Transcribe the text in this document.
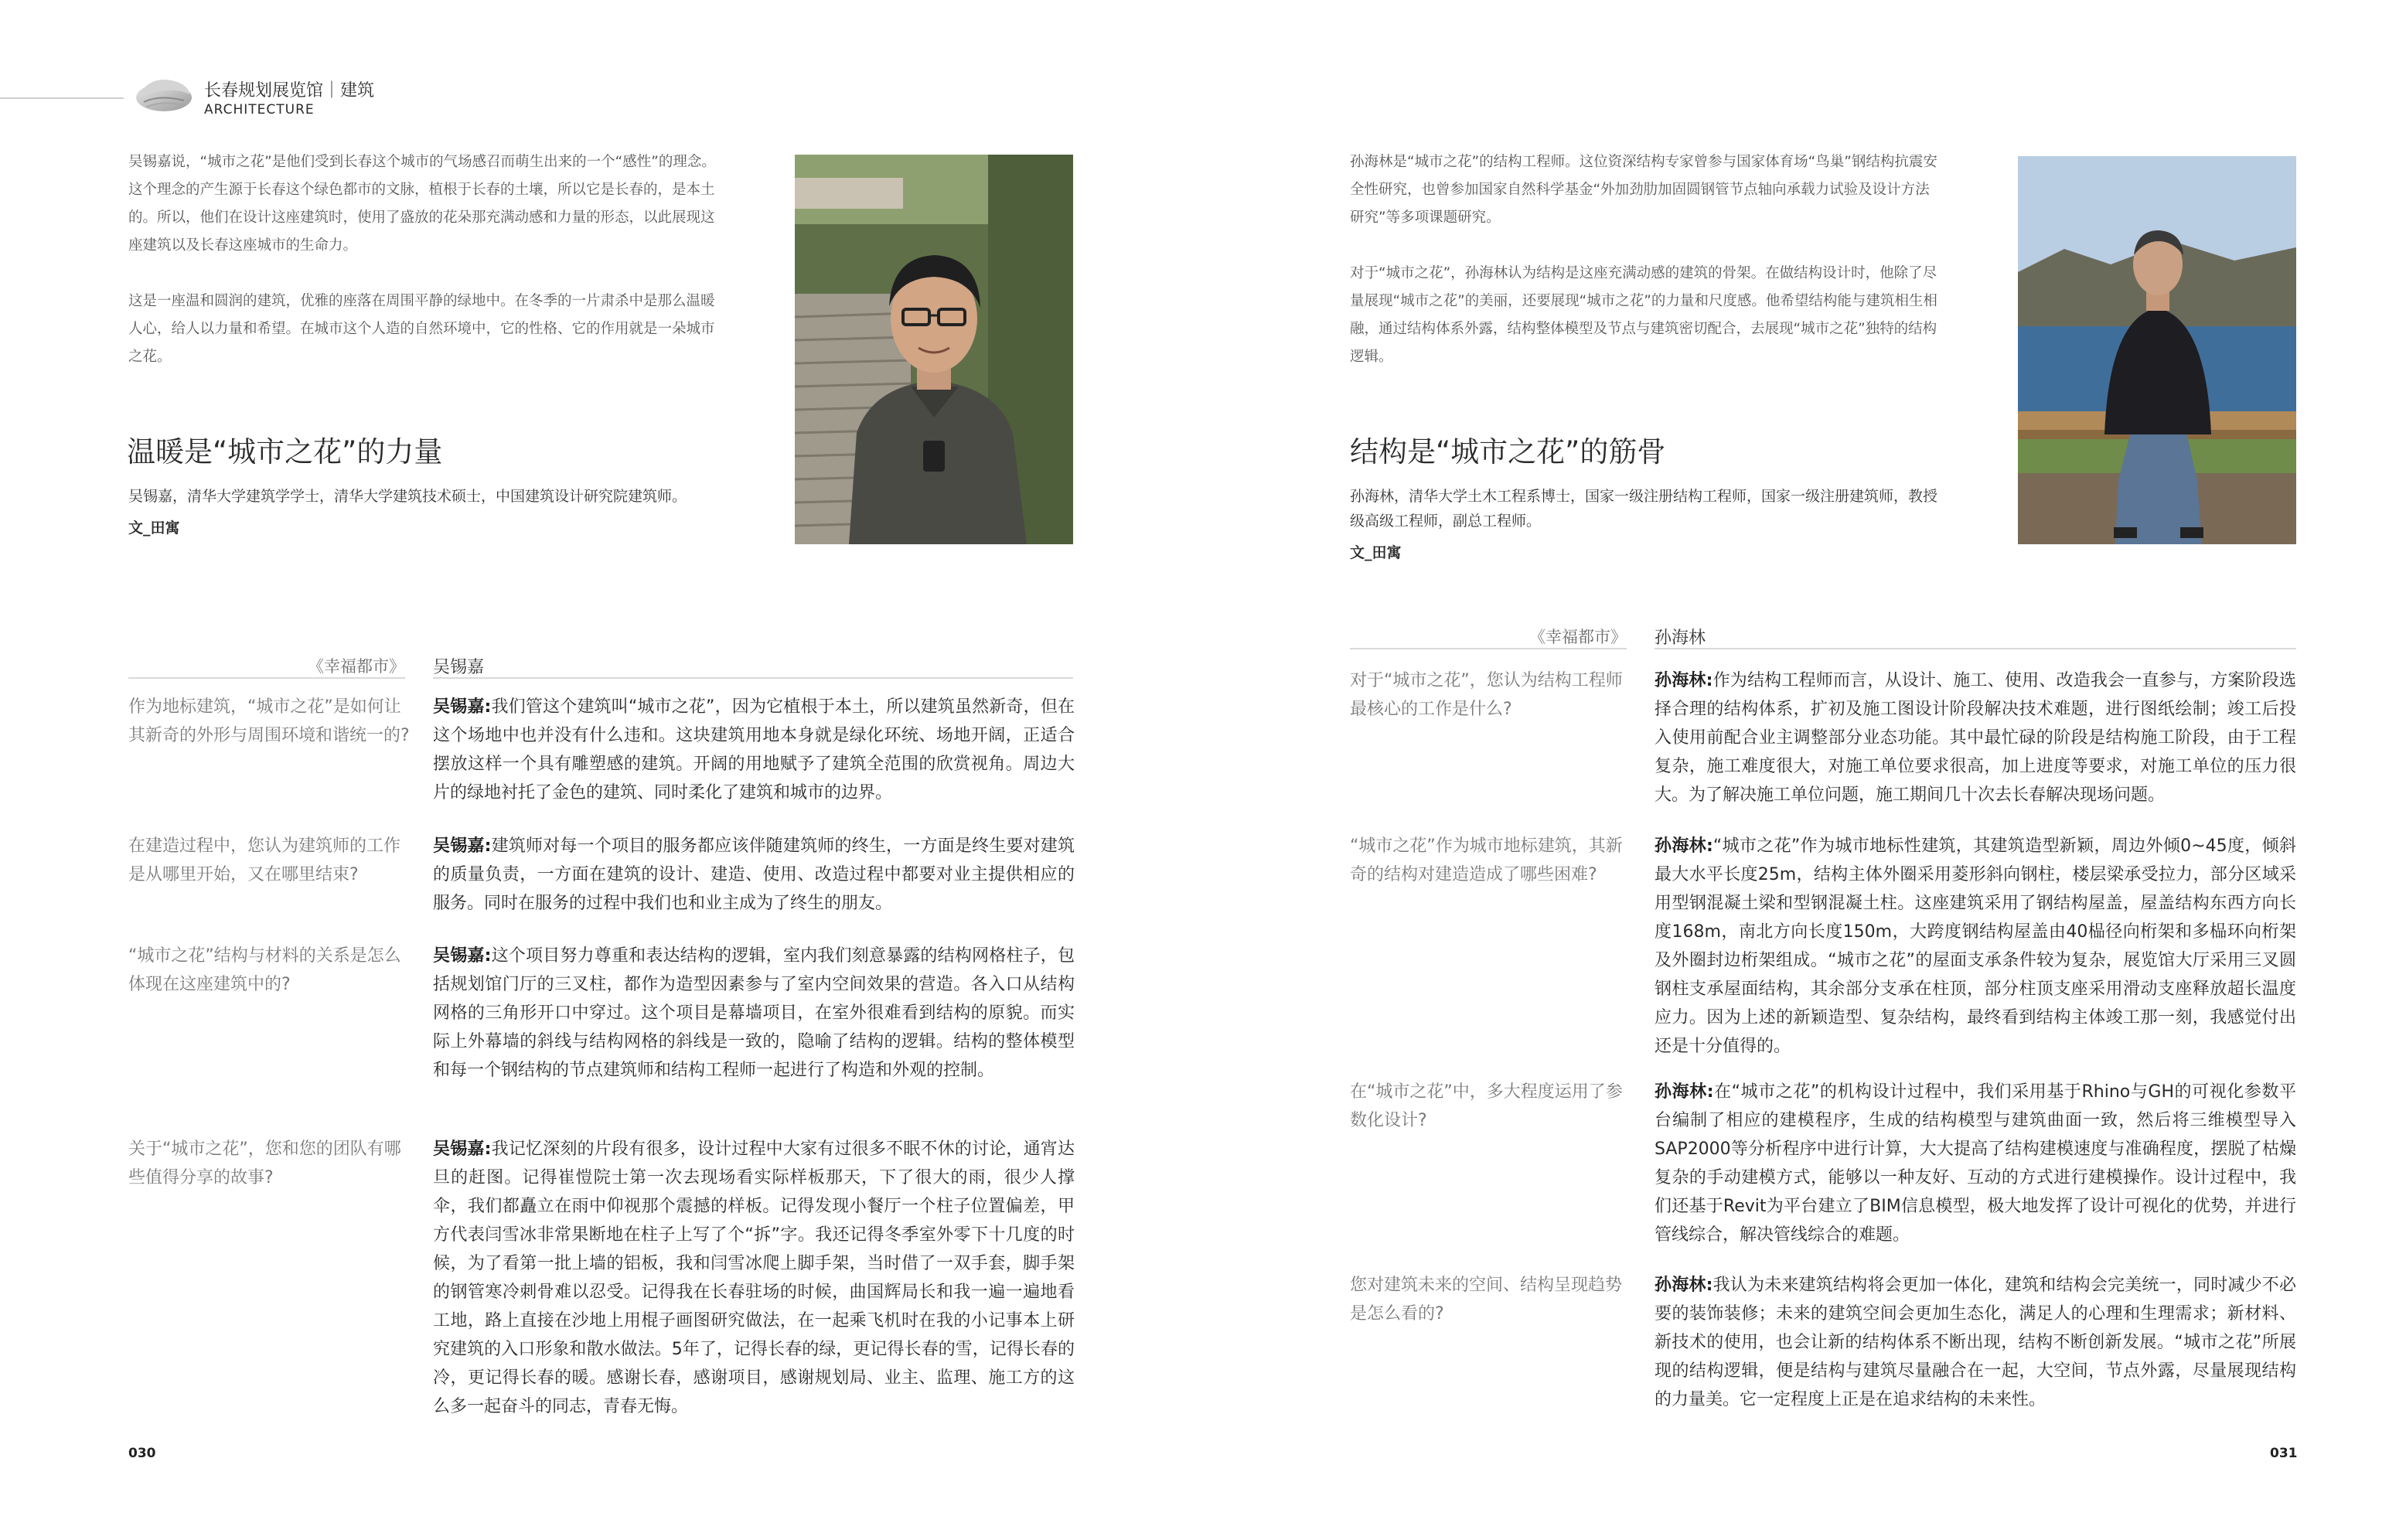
长春规划展览馆｜建筑
ARCHITECTURE

吴锡嘉说，“城市之花”是他们受到长春这个城市的气场感召而萌生出来的一个“感性”的理念。这个理念的产生源于长春这个绿色都市的文脉，植根于长春的土壤，所以它是长春的，是本土的。所以，他们在设计这座建筑时，使用了盛放的花朵那充满动感和力量的形态，以此展现这座建筑以及长春这座城市的生命力。

这是一座温和圆润的建筑，优雅的座落在周围平静的绿地中。在冬季的一片肃杀中是那么温暖人心，给人以力量和希望。在城市这个人造的自然环境中，它的性格、它的作用就是一朵城市之花。

温暖是“城市之花”的力量
吴锡嘉，清华大学建筑学学士，清华大学建筑技术硕士，中国建筑设计研究院建筑师。
文_田寓
《幸福都市》 吴锡嘉
作为地标建筑，“城市之花”是如何让其新奇的外形与周围环境和谐统一的?
吴锡嘉:我们管这个建筑叫“城市之花”，因为它植根于本土，所以建筑虽然新奇，但在这个场地中也并没有什么违和。这块建筑用地本身就是绿化环统、场地开阔，正适合摆放这样一个具有雕塑感的建筑。开阔的用地赋予了建筑全范围的欣赏视角。周边大片的绿地衬托了金色的建筑、同时柔化了建筑和城市的边界。
在建造过程中，您认为建筑师的工作是从哪里开始，又在哪里结束?
吴锡嘉:建筑师对每一个项目的服务都应该伴随建筑师的终生，一方面是终生要对建筑的质量负责，一方面在建筑的设计、建造、使用、改造过程中都要对业主提供相应的服务。同时在服务的过程中我们也和业主成为了终生的朋友。
“城市之花”结构与材料的关系是怎么体现在这座建筑中的?
吴锡嘉:这个项目努力尊重和表达结构的逻辑，室内我们刻意暴露的结构网格柱子，包括规划馆门厅的三叉柱，都作为造型因素参与了室内空间效果的营造。各入口从结构网格的三角形开口中穿过。这个项目是幕墙项目，在室外很难看到结构的原貌。而实际上外幕墙的斜线与结构网格的斜线是一致的，隐喻了结构的逻辑。结构的整体模型和每一个钢结构的节点建筑师和结构工程师一起进行了构造和外观的控制。
关于“城市之花”，您和您的团队有哪些值得分享的故事?
吴锡嘉:我记忆深刻的片段有很多，设计过程中大家有过很多不眠不休的讨论，通宵达旦的赶图。记得崔愷院士第一次去现场看实际样板那天，下了很大的雨，很少人撑伞，我们都矗立在雨中仰视那个震撼的样板。记得发现小餐厅一个柱子位置偏差，甲方代表闫雪冰非常果断地在柱子上写了个“拆”字。我还记得冬季室外零下十几度的时候，为了看第一批上墙的铝板，我和闫雪冰爬上脚手架，当时借了一双手套，脚手架的钢管寒冷刺骨难以忍受。记得我在长春驻场的时候，曲国辉局长和我一遍一遍地看工地，路上直接在沙地上用棍子画图研究做法，在一起乘飞机时在我的小记事本上研究建筑的入口形象和散水做法。5年了，记得长春的绿，更记得长春的雪，记得长春的冷，更记得长春的暖。感谢长春，感谢项目，感谢规划局、业主、监理、施工方的这么多一起奋斗的同志，青春无悔。
030

孙海林是“城市之花”的结构工程师。这位资深结构专家曾参与国家体育场“鸟巢”钢结构抗震安全性研究，也曾参加国家自然科学基金“外加劲肋加固圆钢管节点轴向承载力试验及设计方法研究”等多项课题研究。

对于“城市之花”，孙海林认为结构是这座充满动感的建筑的骨架。在做结构设计时，他除了尽量展现“城市之花”的美丽，还要展现“城市之花”的力量和尺度感。他希望结构能与建筑相生相融，通过结构体系外露，结构整体模型及节点与建筑密切配合，去展现“城市之花”独特的结构逻辑。

结构是“城市之花”的筋骨
孙海林，清华大学土木工程系博士，国家一级注册结构工程师，国家一级注册建筑师，教授级高级工程师，副总工程师。
文_田寓
《幸福都市》 孙海林
对于“城市之花”，您认为结构工程师最核心的工作是什么?
孙海林:作为结构工程师而言，从设计、施工、使用、改造我会一直参与，方案阶段选择合理的结构体系，扩初及施工图设计阶段解决技术难题，进行图纸绘制；竣工后投入使用前配合业主调整部分业态功能。其中最忙碌的阶段是结构施工阶段，由于工程复杂，施工难度很大，对施工单位要求很高，加上进度等要求，对施工单位的压力很大。为了解决施工单位问题，施工期间几十次去长春解决现场问题。
“城市之花”作为城市地标建筑，其新奇的结构对建造造成了哪些困难?
孙海林:“城市之花”作为城市地标性建筑，其建筑造型新颖，周边外倾0~45度，倾斜最大水平长度25m，结构主体外圈采用菱形斜向钢柱，楼层梁承受拉力，部分区域采用型钢混凝土梁和型钢混凝土柱。这座建筑采用了钢结构屋盖，屋盖结构东西方向长度168m，南北方向长度150m，大跨度钢结构屋盖由40榀径向桁架和多榀环向桁架及外圈封边桁架组成。“城市之花”的屋面支承条件较为复杂，展览馆大厅采用三叉圆钢柱支承屋面结构，其余部分支承在柱顶，部分柱顶支座采用滑动支座释放超长温度应力。因为上述的新颖造型、复杂结构，最终看到结构主体竣工那一刻，我感觉付出还是十分值得的。
在“城市之花”中，多大程度运用了参数化设计?
孙海林:在“城市之花”的机构设计过程中，我们采用基于Rhino与GH的可视化参数平台编制了相应的建模程序，生成的结构模型与建筑曲面一致，然后将三维模型导入SAP2000等分析程序中进行计算，大大提高了结构建模速度与准确程度，摆脱了枯燥复杂的手动建模方式，能够以一种友好、互动的方式进行建模操作。设计过程中，我们还基于Revit为平台建立了BIM信息模型，极大地发挥了设计可视化的优势，并进行管线综合，解决管线综合的难题。
您对建筑未来的空间、结构呈现趋势是怎么看的?
孙海林:我认为未来建筑结构将会更加一体化，建筑和结构会完美统一，同时减少不必要的装饰装修；未来的建筑空间会更加生态化，满足人的心理和生理需求；新材料、新技术的使用，也会让新的结构体系不断出现，结构不断创新发展。“城市之花”所展现的结构逻辑，便是结构与建筑尽量融合在一起，大空间，节点外露，尽量展现结构的力量美。它一定程度上正是在追求结构的未来性。
031
